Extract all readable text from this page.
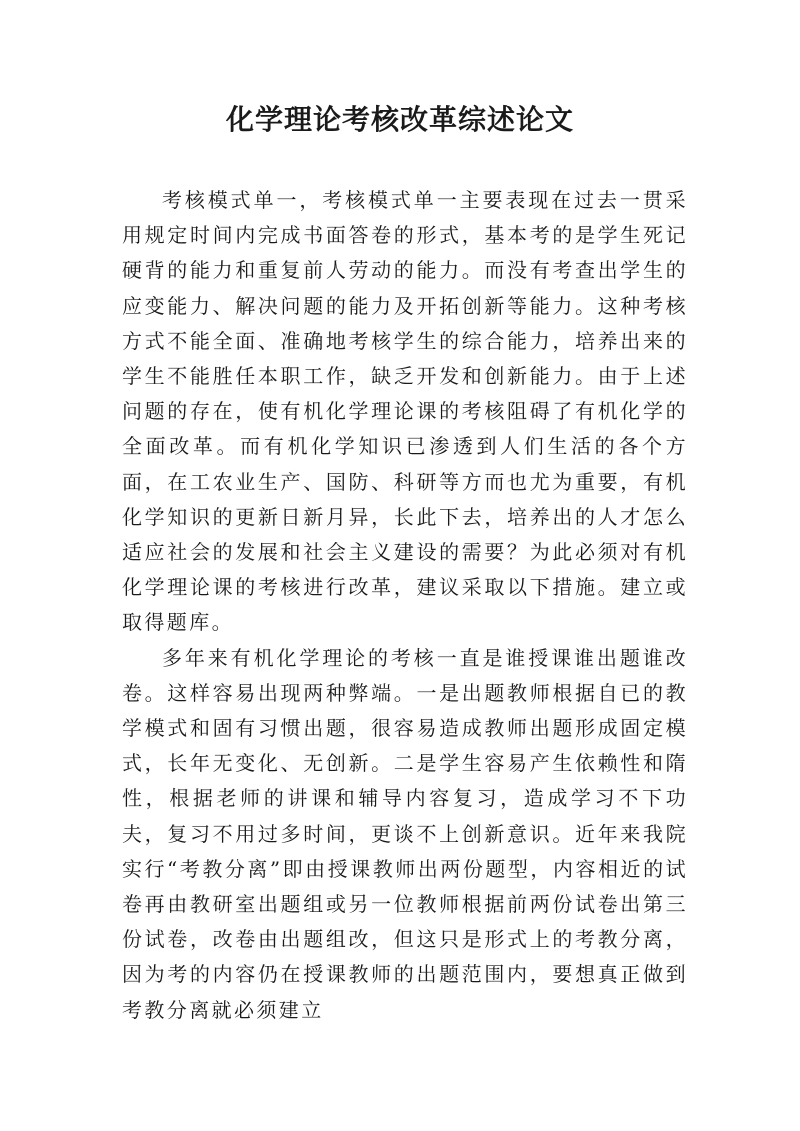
化学理论考核改革综述论文

考核模式单一，考核模式单一主要表现在过去一贯采用规定时间内完成书面答卷的形式，基本考的是学生死记硬背的能力和重复前人劳动的能力。而没有考查出学生的应变能力、解决问题的能力及开拓创新等能力。这种考核方式不能全面、准确地考核学生的综合能力，培养出来的学生不能胜任本职工作，缺乏开发和创新能力。由于上述问题的存在，使有机化学理论课的考核阻碍了有机化学的全面改革。而有机化学知识已渗透到人们生活的各个方面，在工农业生产、国防、科研等方而也尤为重要，有机化学知识的更新日新月异，长此下去，培养出的人才怎么适应社会的发展和社会主义建设的需要？为此必须对有机化学理论课的考核进行改革，建议采取以下措施。建立或取得题库。

多年来有机化学理论的考核一直是谁授课谁出题谁改卷。这样容易出现两种弊端。一是出题教师根据自已的教学模式和固有习惯出题，很容易造成教师出题形成固定模式，长年无变化、无创新。二是学生容易产生依赖性和隋性，根据老师的讲课和辅导内容复习，造成学习不下功夫，复习不用过多时间，更谈不上创新意识。近年来我院实行“考教分离”即由授课教师出两份题型，内容相近的试卷再由教研室出题组或另一位教师根据前两份试卷出第三份试卷，改卷由出题组改，但这只是形式上的考教分离，因为考的内容仍在授课教师的出题范围内，要想真正做到考教分离就必须建立
